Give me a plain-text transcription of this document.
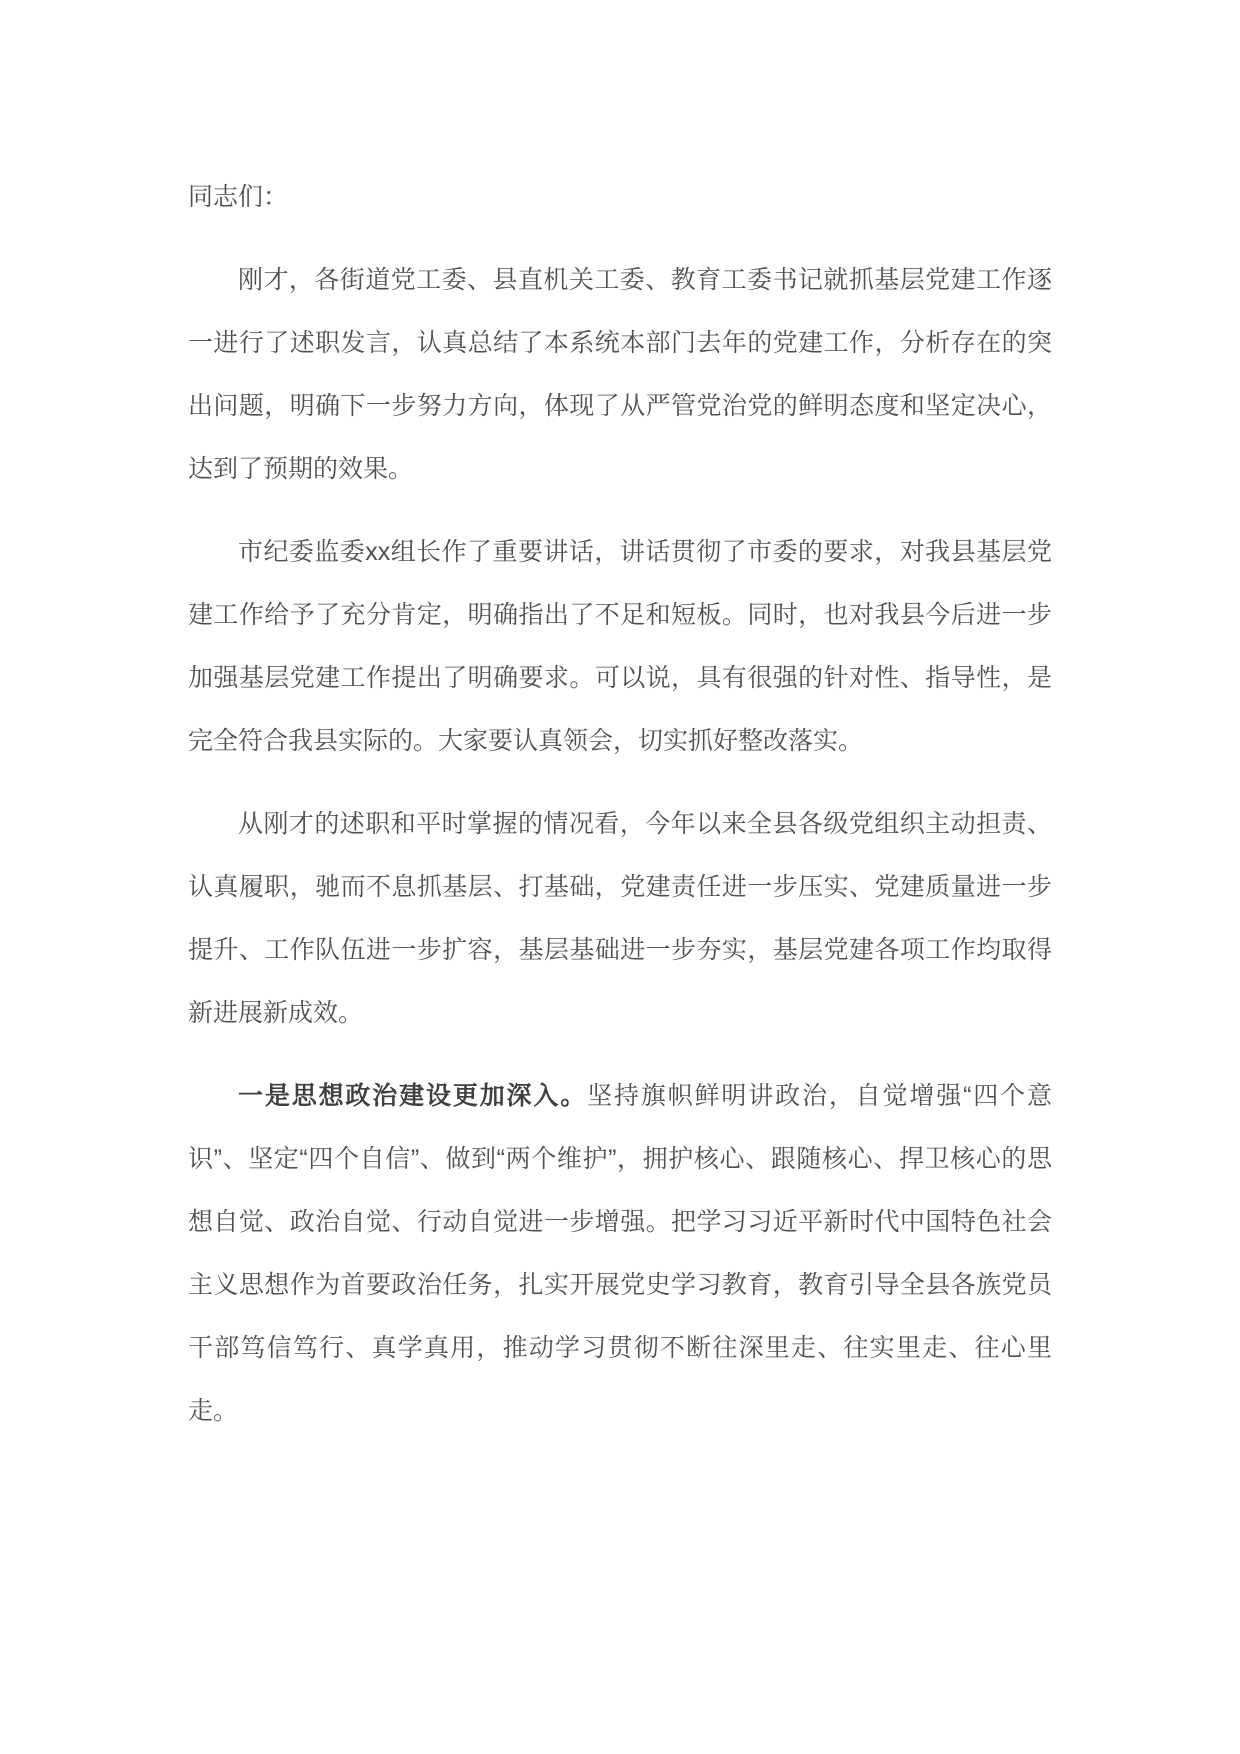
同志们：

刚才，各街道党工委、县直机关工委、教育工委书记就抓基层党建工作逐一进行了述职发言，认真总结了本系统本部门去年的党建工作，分析存在的突出问题，明确下一步努力方向，体现了从严管党治党的鲜明态度和坚定决心，达到了预期的效果。

市纪委监委xx组长作了重要讲话，讲话贯彻了市委的要求，对我县基层党建工作给予了充分肯定，明确指出了不足和短板。同时，也对我县今后进一步加强基层党建工作提出了明确要求。可以说，具有很强的针对性、指导性，是完全符合我县实际的。大家要认真领会，切实抓好整改落实。

从刚才的述职和平时掌握的情况看，今年以来全县各级党组织主动担责、认真履职，驰而不息抓基层、打基础，党建责任进一步压实、党建质量进一步提升、工作队伍进一步扩容，基层基础进一步夯实，基层党建各项工作均取得新进展新成效。

一是思想政治建设更加深入。坚持旗帜鲜明讲政治，自觉增强“四个意识”、坚定“四个自信”、做到“两个维护”，拥护核心、跟随核心、捍卫核心的思想自觉、政治自觉、行动自觉进一步增强。把学习习近平新时代中国特色社会主义思想作为首要政治任务，扎实开展党史学习教育，教育引导全县各族党员干部笃信笃行、真学真用，推动学习贯彻不断往深里走、往实里走、往心里走。
